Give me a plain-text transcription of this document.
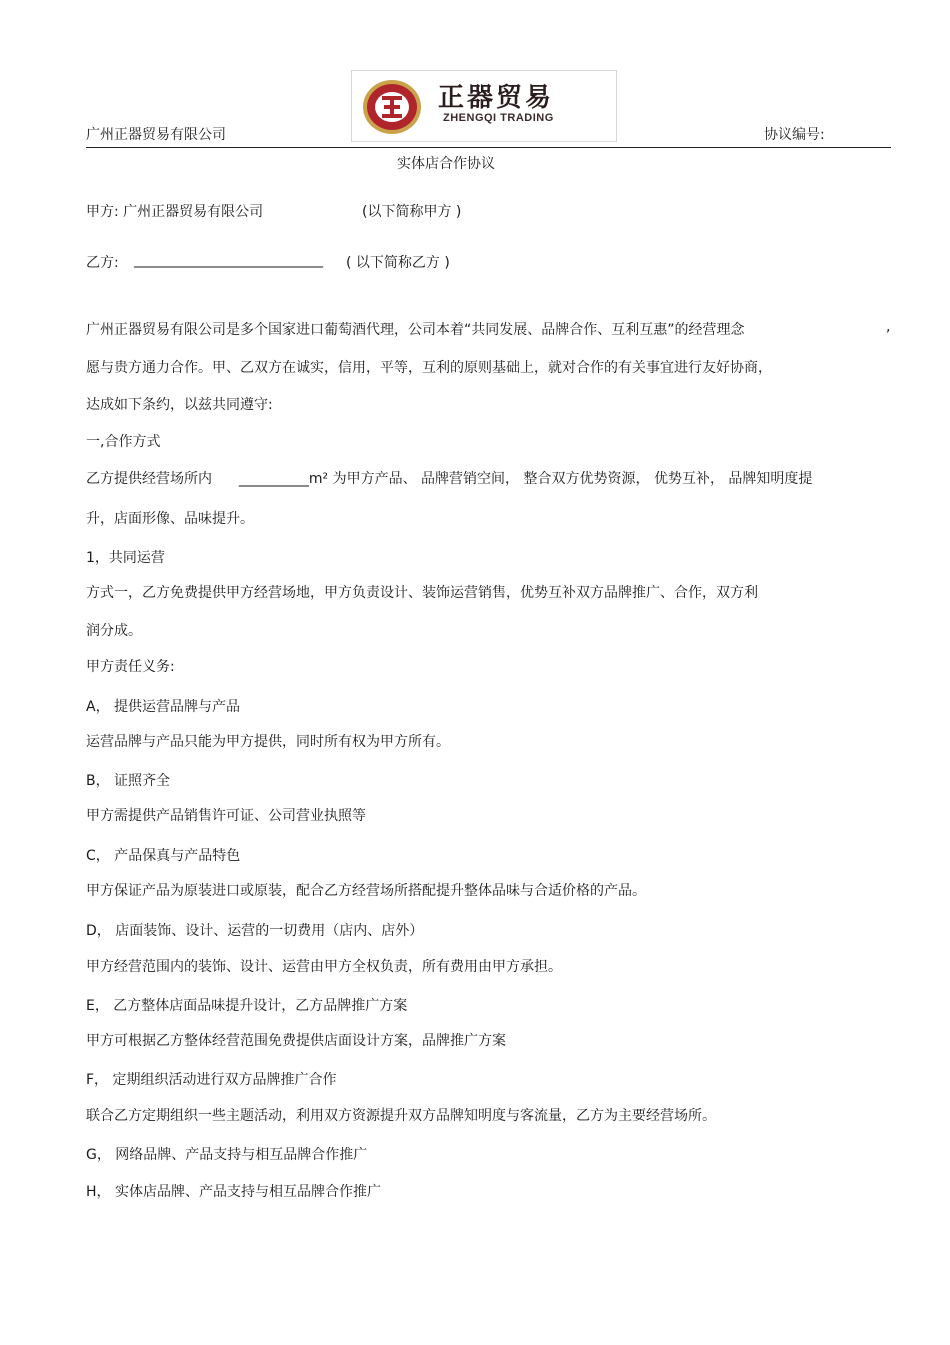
正器贸易
ZHENGQI TRADING
广州正器贸易有限公司	协议编号:
实体店合作协议
甲方: 广州正器贸易有限公司	(以下简称甲方 )
乙方: ___________________________ ( 以下简称乙方 )
广州正器贸易有限公司是多个国家进口葡萄酒代理，公司本着“共同发展、品牌合作、互利互惠”的经营理念	,
愿与贵方通力合作。甲、乙双方在诚实，信用，平等，互利的原则基础上，就对合作的有关事宜进行友好协商，
达成如下条约，以兹共同遵守:
一,合作方式
乙方提供经营场所内 __________m² 为甲方产品、 品牌营销空间， 整合双方优势资源， 优势互补， 品牌知明度提
升，店面形像、品味提升。
1，共同运营
方式一，乙方免费提供甲方经营场地，甲方负责设计、装饰运营销售，优势互补双方品牌推广、合作，双方利
润分成。
甲方责任义务:
A， 提供运营品牌与产品
运营品牌与产品只能为甲方提供，同时所有权为甲方所有。
B， 证照齐全
甲方需提供产品销售许可证、公司营业执照等
C， 产品保真与产品特色
甲方保证产品为原装进口或原装，配合乙方经营场所搭配提升整体品味与合适价格的产品。
D， 店面装饰、设计、运营的一切费用（店内、店外）
甲方经营范围内的装饰、设计、运营由甲方全权负责，所有费用由甲方承担。
E， 乙方整体店面品味提升设计，乙方品牌推广方案
甲方可根据乙方整体经营范围免费提供店面设计方案，品牌推广方案
F， 定期组织活动进行双方品牌推广合作
联合乙方定期组织一些主题活动，利用双方资源提升双方品牌知明度与客流量，乙方为主要经营场所。
G， 网络品牌、产品支持与相互品牌合作推广
H， 实体店品牌、产品支持与相互品牌合作推广
